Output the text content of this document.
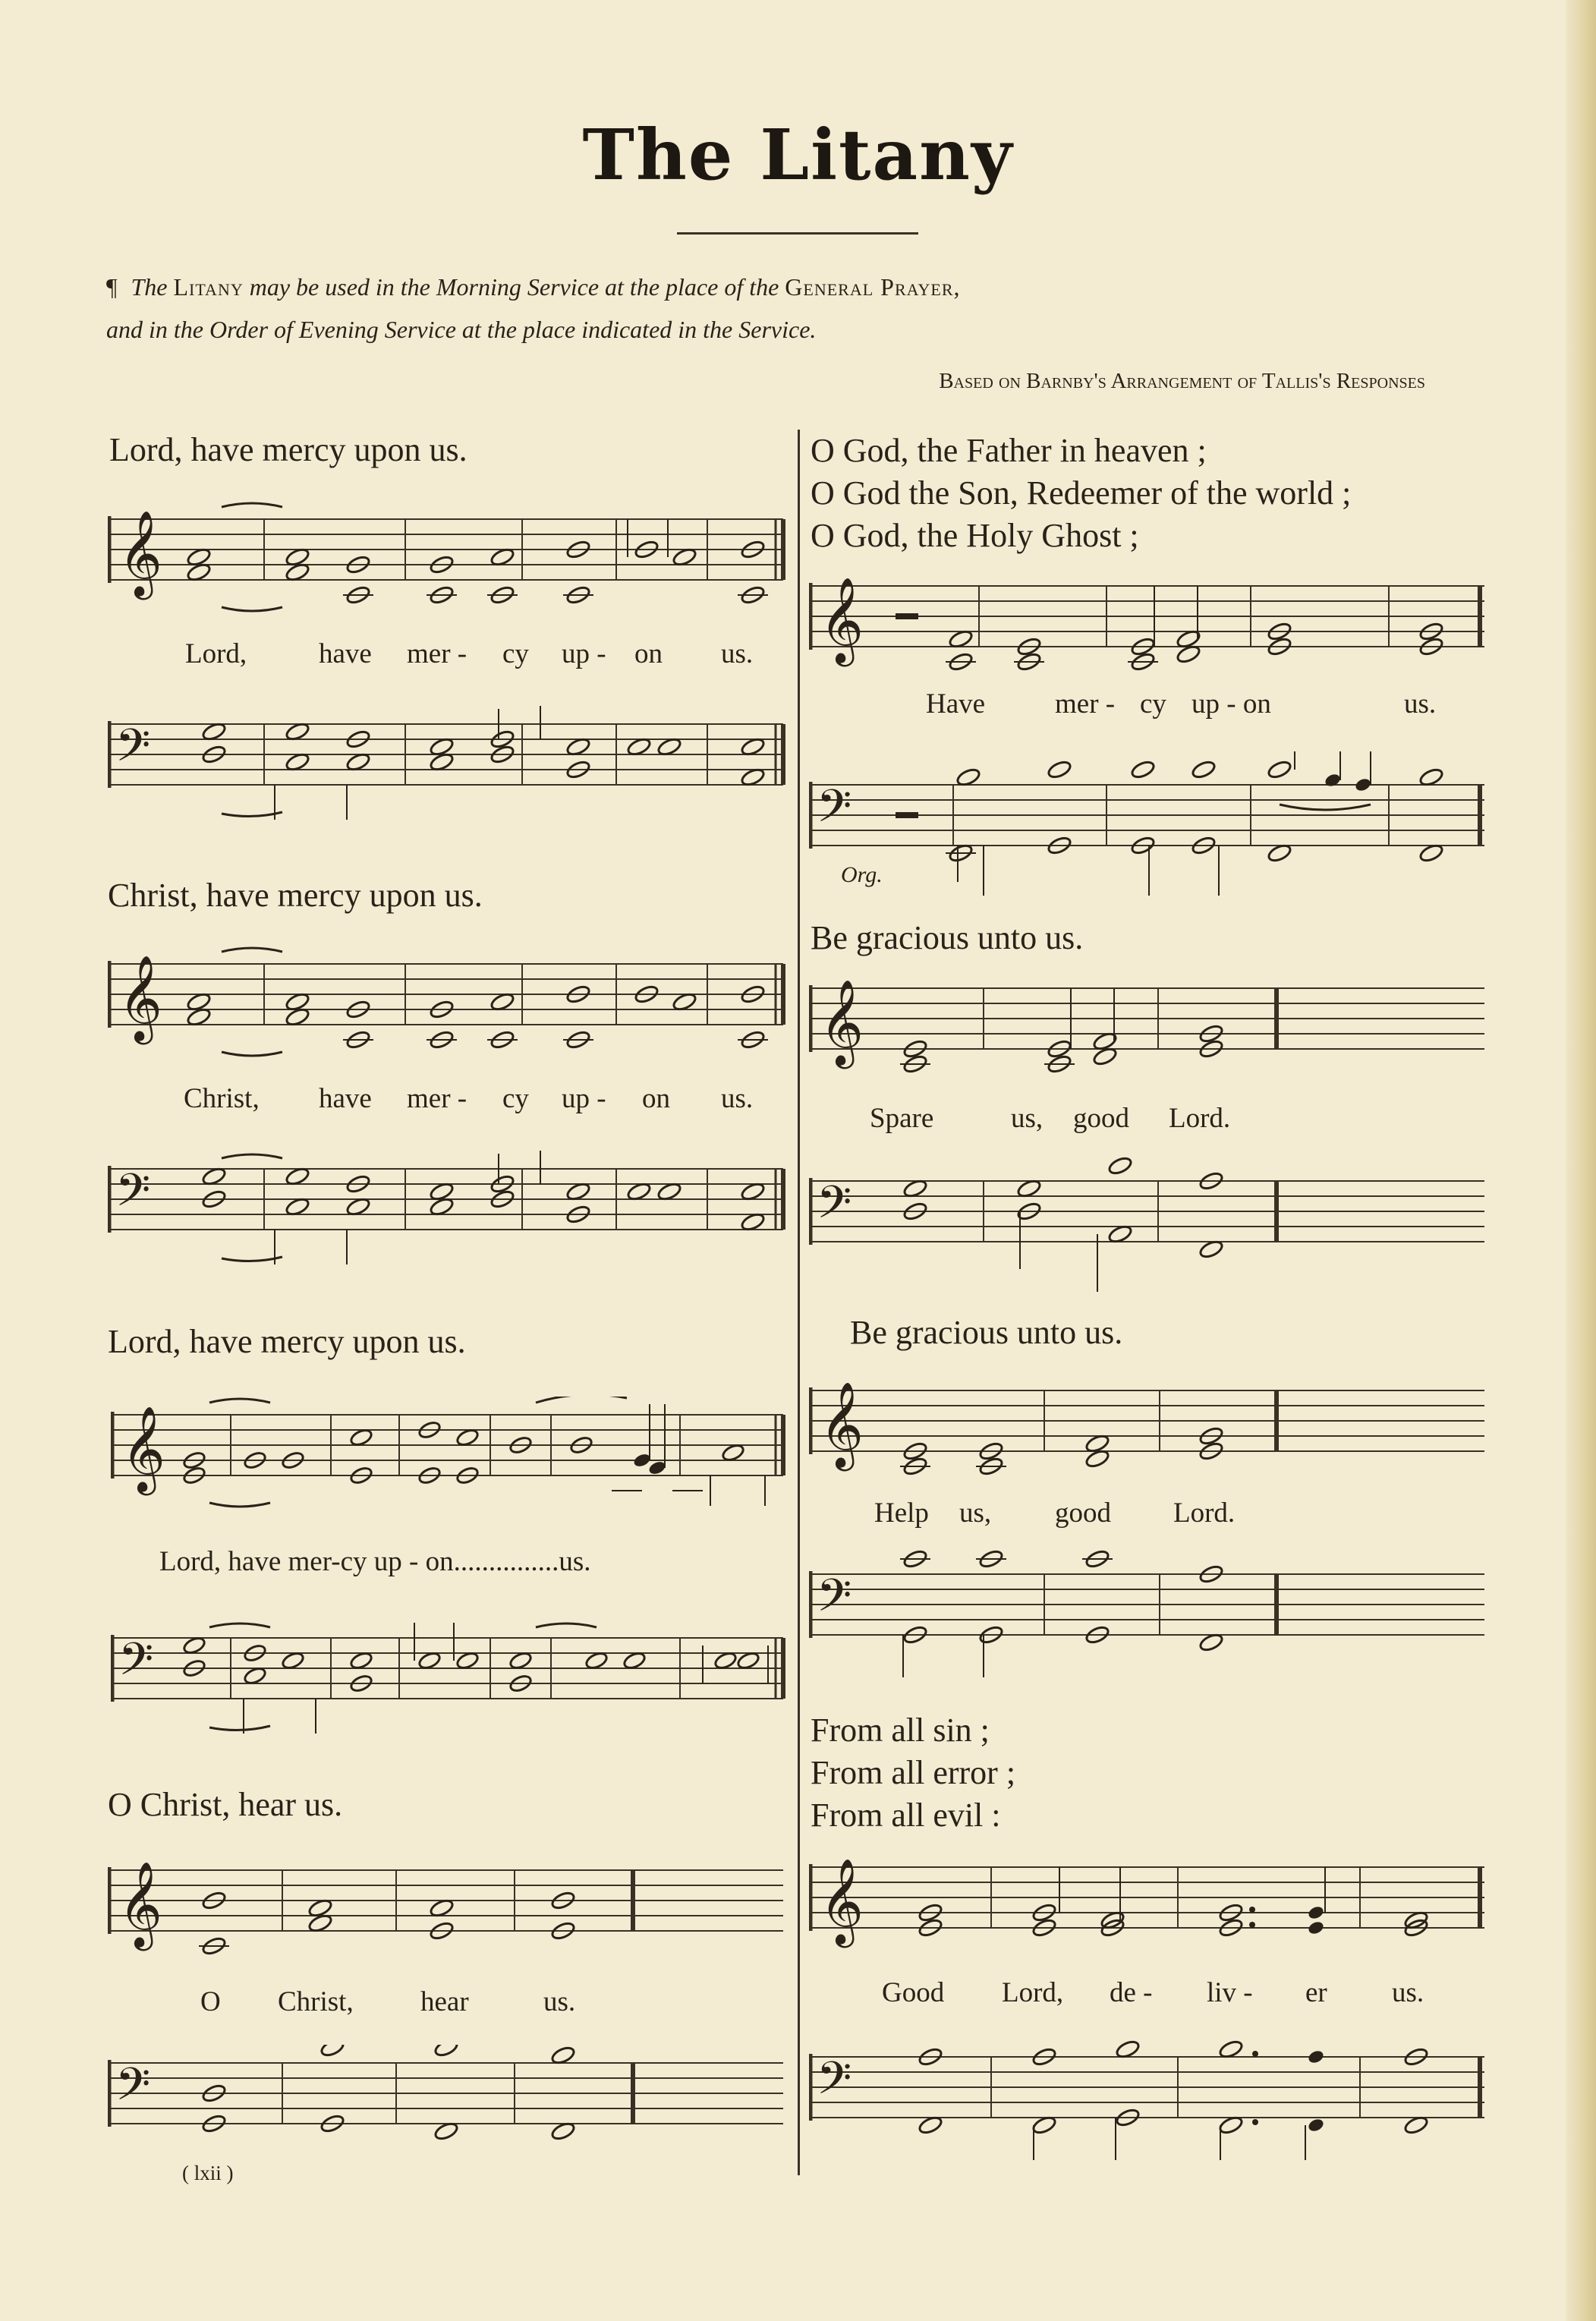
The Litany
¶ The Litany may be used in the Morning Service at the place of the General Prayer,
and in the Order of Evening Service at the place indicated in the Service.
Based on Barnby's Arrangement of Tallis's Responses
Lord, have mercy upon us.
𝄞
Lord,	have mer - cy up - on us.
𝄢
Christ, have mercy upon us.
𝄞
Christ, have mer - cy up - on us.
𝄢
Lord, have mercy upon us.
𝄞
Lord, have mer-cy up - on...............us.
𝄢
O Christ, hear us.
𝄞
O Christ, hear	us.
𝄢
O God, the Father in heaven ;
O God the Son, Redeemer of the world ;
O God, the Holy Ghost ;
𝄞
Have mer - cy up - on	us.
𝄢
Org.
Be gracious unto us.
𝄞
Spare	us, good Lord.
𝄢
Be gracious unto us.
𝄞
Help us, good Lord.
𝄢
From all sin ;
From all error ;
From all evil :
𝄞
Good Lord, de - liv - er us.
𝄢
( lxii )
